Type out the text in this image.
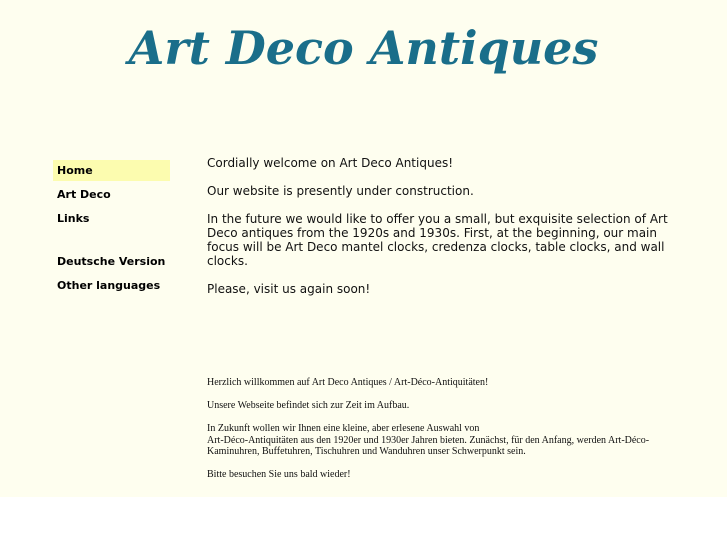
Art Deco Antiques
Home
Art Deco
Links
Deutsche Version
Other languages

Cordially welcome on Art Deco Antiques!

Our website is presently under construction.

In the future we would like to offer you a small, but exquisite selection of Art Deco antiques from the 1920s and 1930s. First, at the beginning, our main focus will be Art Deco mantel clocks, credenza clocks, table clocks, and wall clocks.

Please, visit us again soon!

Herzlich willkommen auf Art Deco Antiques / Art-Déco-Antiquitäten!

Unsere Webseite befindet sich zur Zeit im Aufbau.

In Zukunft wollen wir Ihnen eine kleine, aber erlesene Auswahl von
Art-Déco-Antiquitäten aus den 1920er und 1930er Jahren bieten. Zunächst, für den Anfang, werden Art-Déco-Kaminuhren, Buffetuhren, Tischuhren und Wanduhren unser Schwerpunkt sein.

Bitte besuchen Sie uns bald wieder!
